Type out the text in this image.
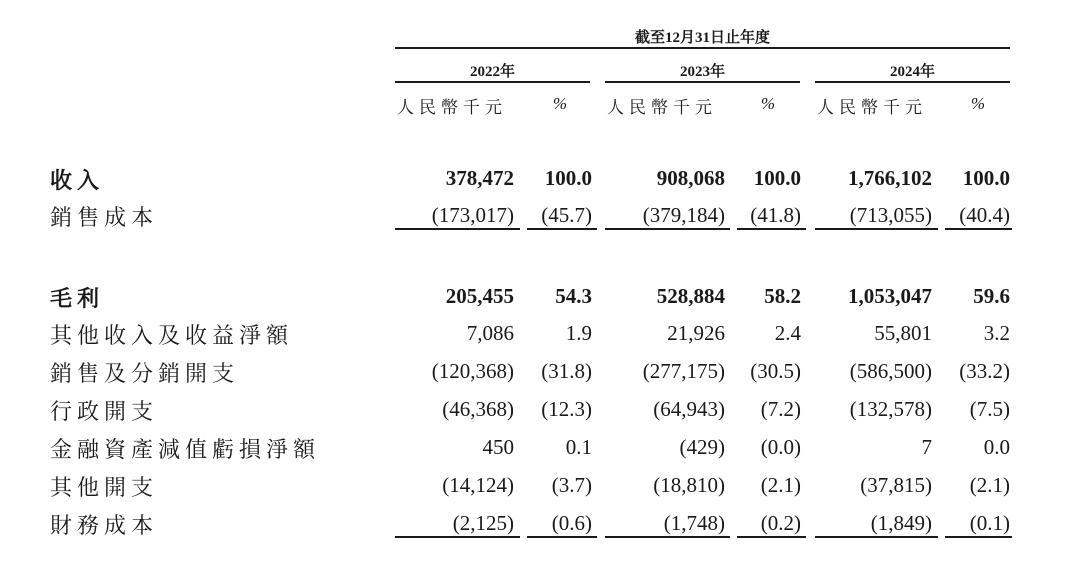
截至12月31日止年度
2022年	2023年	2024年
人民幣千元	% 人民幣千元	% 人民幣千元	%
收入	378,472	100.0	908,068	100.0	1,766,102	100.0
銷售成本	(173,017)	(45.7)	(379,184)	(41.8)	(713,055)	(40.4)
毛利	205,455	54.3	528,884	58.2	1,053,047	59.6
其他收入及收益淨額	7,086	1.9	21,926	2.4	55,801	3.2
銷售及分銷開支	(120,368)	(31.8)	(277,175)	(30.5)	(586,500)	(33.2)
行政開支	(46,368)	(12.3)	(64,943)	(7.2)	(132,578)	(7.5)
金融資產減值虧損淨額	450	0.1	(429)	(0.0)	7	0.0
其他開支	(14,124)	(3.7)	(18,810)	(2.1)	(37,815)	(2.1)
財務成本	(2,125)	(0.6)	(1,748)	(0.2)	(1,849)	(0.1)
